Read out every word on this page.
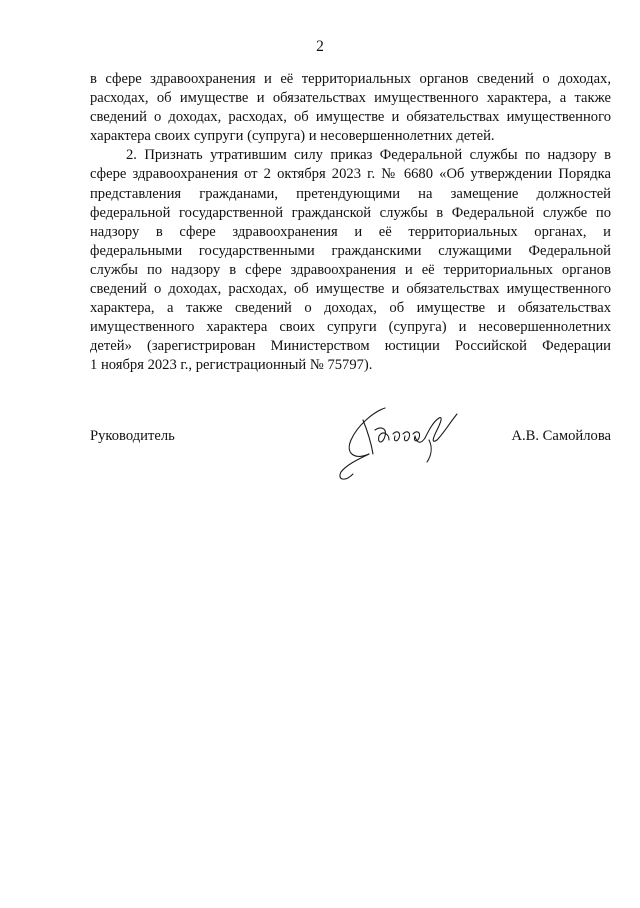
2
в сфере здравоохранения и её территориальных органов сведений о доходах,
расходах, об имуществе и обязательствах имущественного характера, а также
сведений о доходах, расходах, об имуществе и обязательствах имущественного
характера своих супруги (супруга) и несовершеннолетних детей.
2. Признать утратившим силу приказ Федеральной службы по надзору в
сфере здравоохранения от 2 октября 2023 г. № 6680 «Об утверждении Порядка
представления гражданами, претендующими на замещение должностей
федеральной государственной гражданской службы в Федеральной службе по
надзору в сфере здравоохранения и её территориальных органах, и
федеральными государственными гражданскими служащими Федеральной
службы по надзору в сфере здравоохранения и её территориальных органов
сведений о доходах, расходах, об имуществе и обязательствах имущественного
характера, а также сведений о доходах, об имуществе и обязательствах
имущественного характера своих супруги (супруга) и несовершеннолетних
детей» (зарегистрирован Министерством юстиции Российской Федерации
1 ноября 2023 г., регистрационный № 75797).
Руководитель	А.В. Самойлова
